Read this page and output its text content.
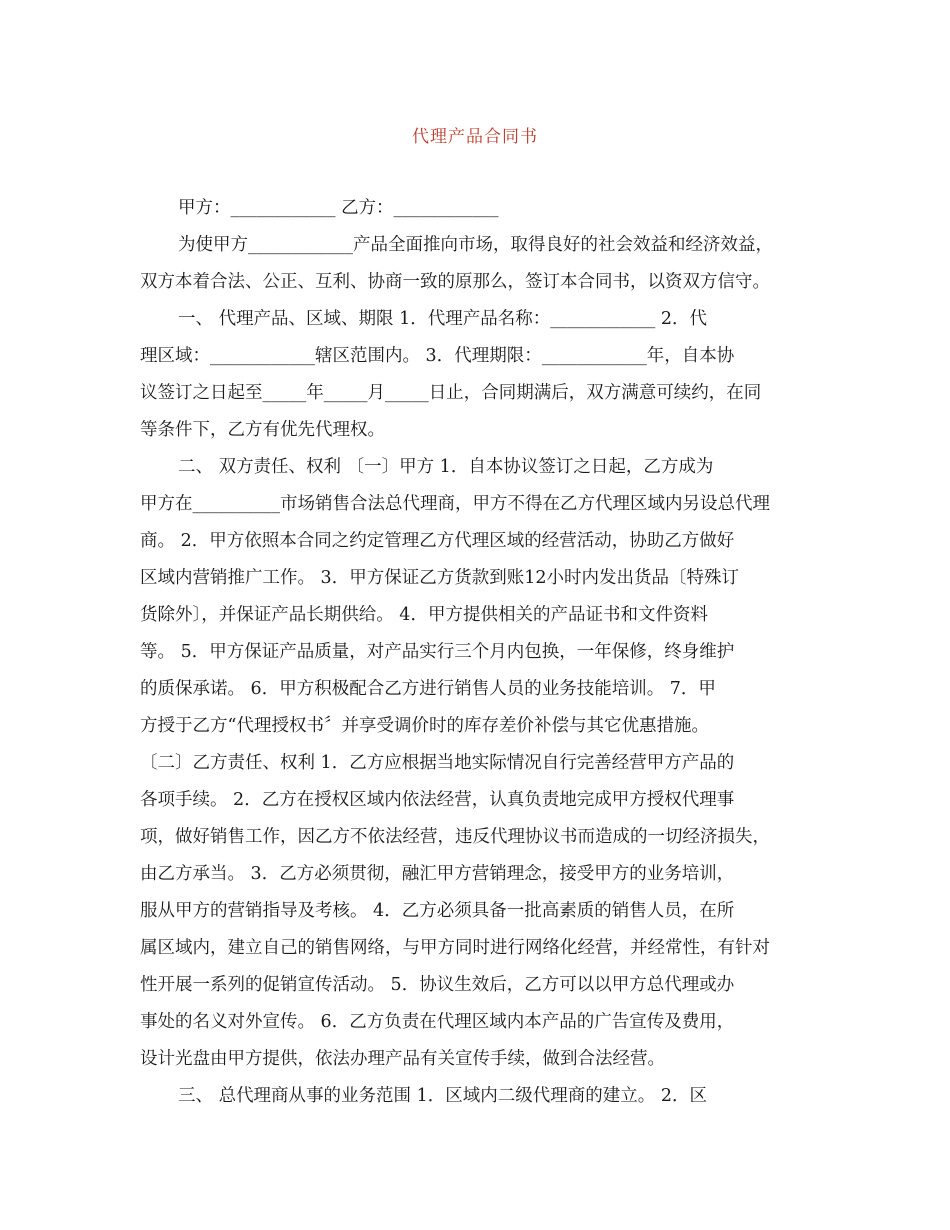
代理产品合同书
甲方：____________ 乙方：____________
为使甲方____________产品全面推向市场，取得良好的社会效益和经济效益，
双方本着合法、公正、互利、协商一致的原那么，签订本合同书，以资双方信守。
一、 代理产品、区域、期限 1．代理产品名称：____________ 2．代
理区域：____________辖区范围内。 3．代理期限：____________年，自本协
议签订之日起至_____年_____月_____日止，合同期满后，双方满意可续约，在同
等条件下，乙方有优先代理权。
二、 双方责任、权利 〔一〕甲方 1．自本协议签订之日起，乙方成为
甲方在__________市场销售合法总代理商，甲方不得在乙方代理区域内另设总代理
商。 2．甲方依照本合同之约定管理乙方代理区域的经营活动，协助乙方做好
区域内营销推广工作。 3．甲方保证乙方货款到账12小时内发出货品〔特殊订
货除外〕，并保证产品长期供给。 4．甲方提供相关的产品证书和文件资料
等。 5．甲方保证产品质量，对产品实行三个月内包换，一年保修，终身维护
的质保承诺。 6．甲方积极配合乙方进行销售人员的业务技能培训。 7．甲
方授于乙方“代理授权书〞并享受调价时的库存差价补偿与其它优惠措施。
〔二〕乙方责任、权利 1．乙方应根据当地实际情况自行完善经营甲方产品的
各项手续。 2．乙方在授权区域内依法经营，认真负责地完成甲方授权代理事
项，做好销售工作，因乙方不依法经营，违反代理协议书而造成的一切经济损失，
由乙方承当。 3．乙方必须贯彻，融汇甲方营销理念，接受甲方的业务培训，
服从甲方的营销指导及考核。 4．乙方必须具备一批高素质的销售人员，在所
属区域内，建立自己的销售网络，与甲方同时进行网络化经营，并经常性，有针对
性开展一系列的促销宣传活动。 5．协议生效后，乙方可以以甲方总代理或办
事处的名义对外宣传。 6．乙方负责在代理区域内本产品的广告宣传及费用，
设计光盘由甲方提供，依法办理产品有关宣传手续，做到合法经营。
三、 总代理商从事的业务范围 1．区域内二级代理商的建立。 2．区
